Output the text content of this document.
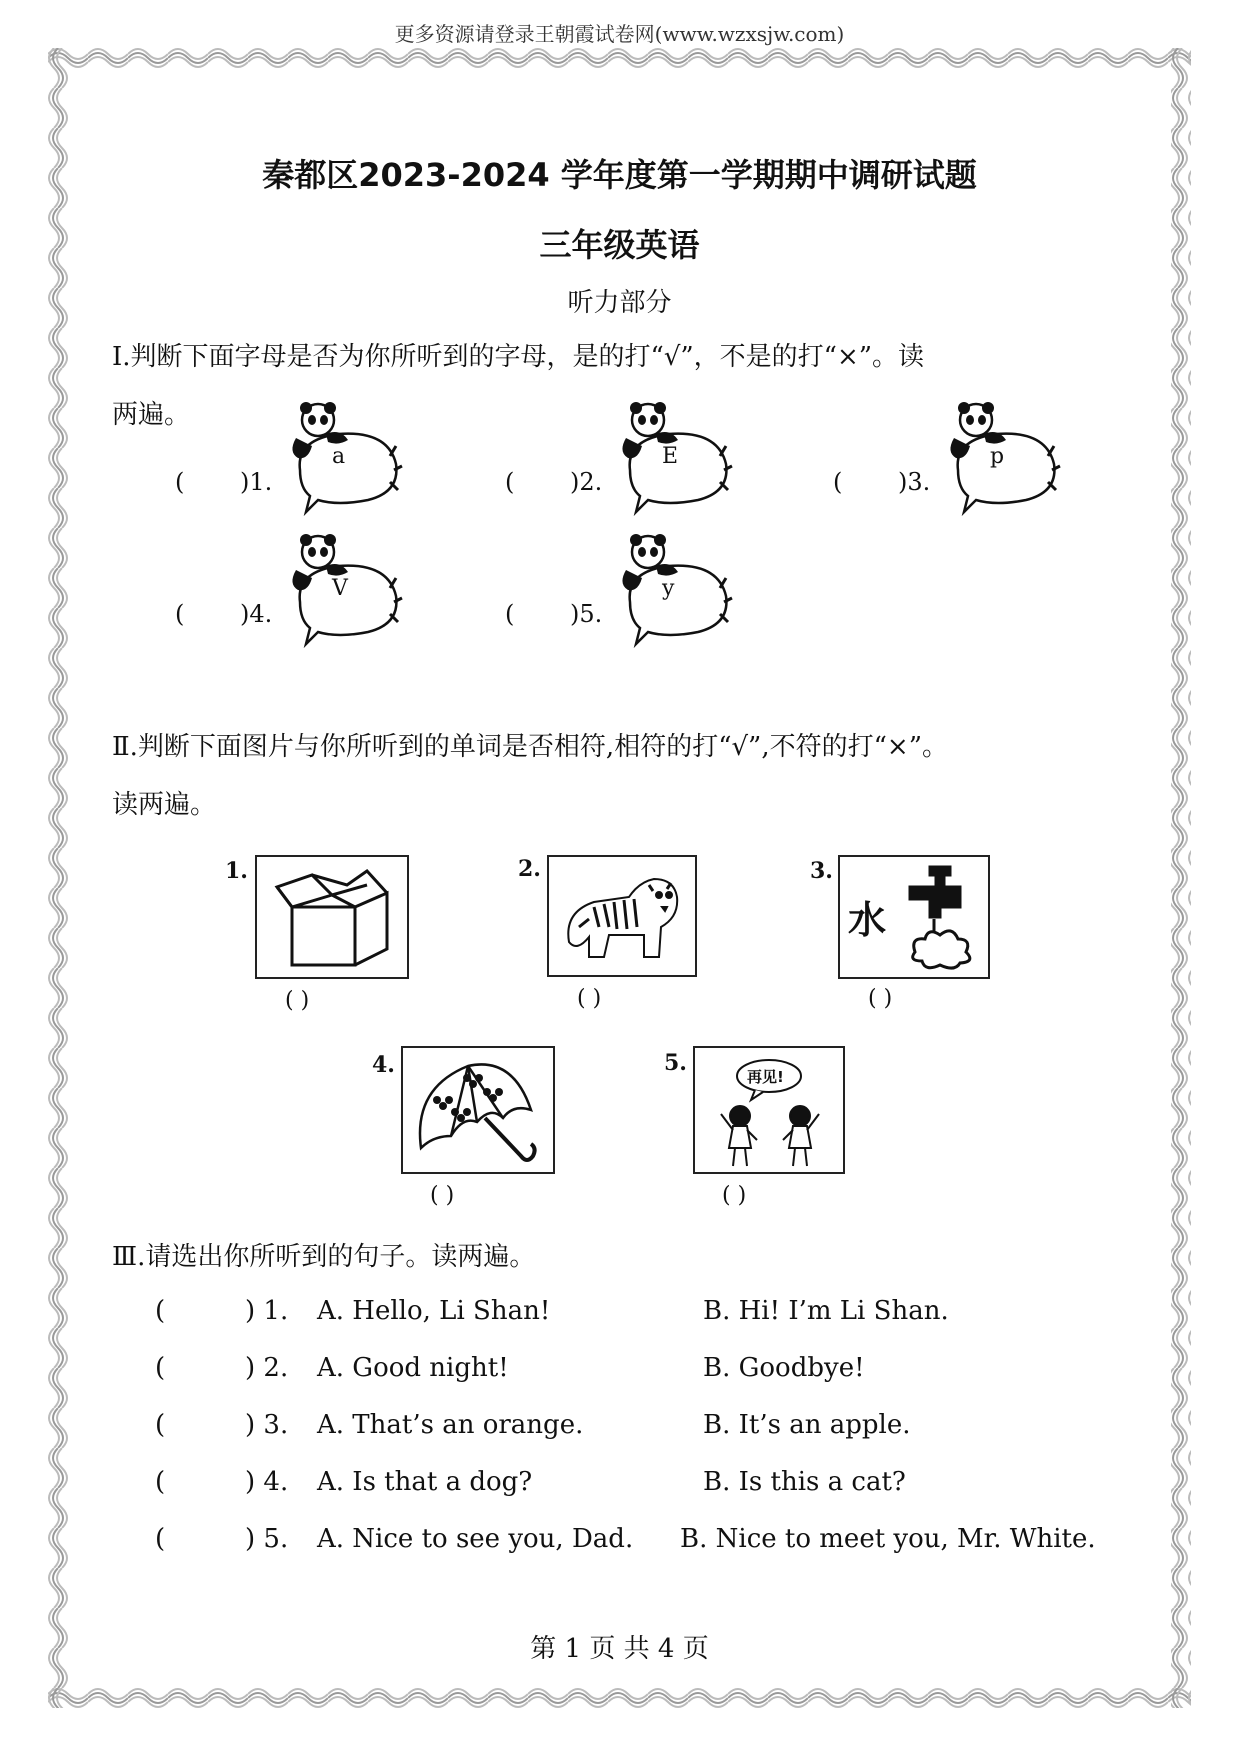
更多资源请登录王朝霞试卷网(www.wzxsjw.com)
秦都区2023-2024 学年度第一学期期中调研试题
三年级英语
听力部分
Ⅰ.判断下面字母是否为你所听到的字母，是的打“√”，不是的打“×”。读
两遍。
( )1.
a
( )2.
E
( )3.
p
( )4.
V
( )5.
y
Ⅱ.判断下面图片与你所听到的单词是否相符,相符的打“√”,不符的打“×”。
读两遍。
1.
( )
2.
( )
3.
水
( )
4.
( )
5.
再见!
( )
Ⅲ.请选出你所听到的句子。读两遍。
(	) 1. A. Hello, Li Shan!	B. Hi! I’m Li Shan.
(	) 2. A. Good night!	B. Goodbye!
(	) 3. A. That’s an orange.	B. It’s an apple.
(	) 4. A. Is that a dog?	B. Is this a cat?
(	) 5. A. Nice to see you, Dad. B. Nice to meet you, Mr. White.
第 1 页 共 4 页
